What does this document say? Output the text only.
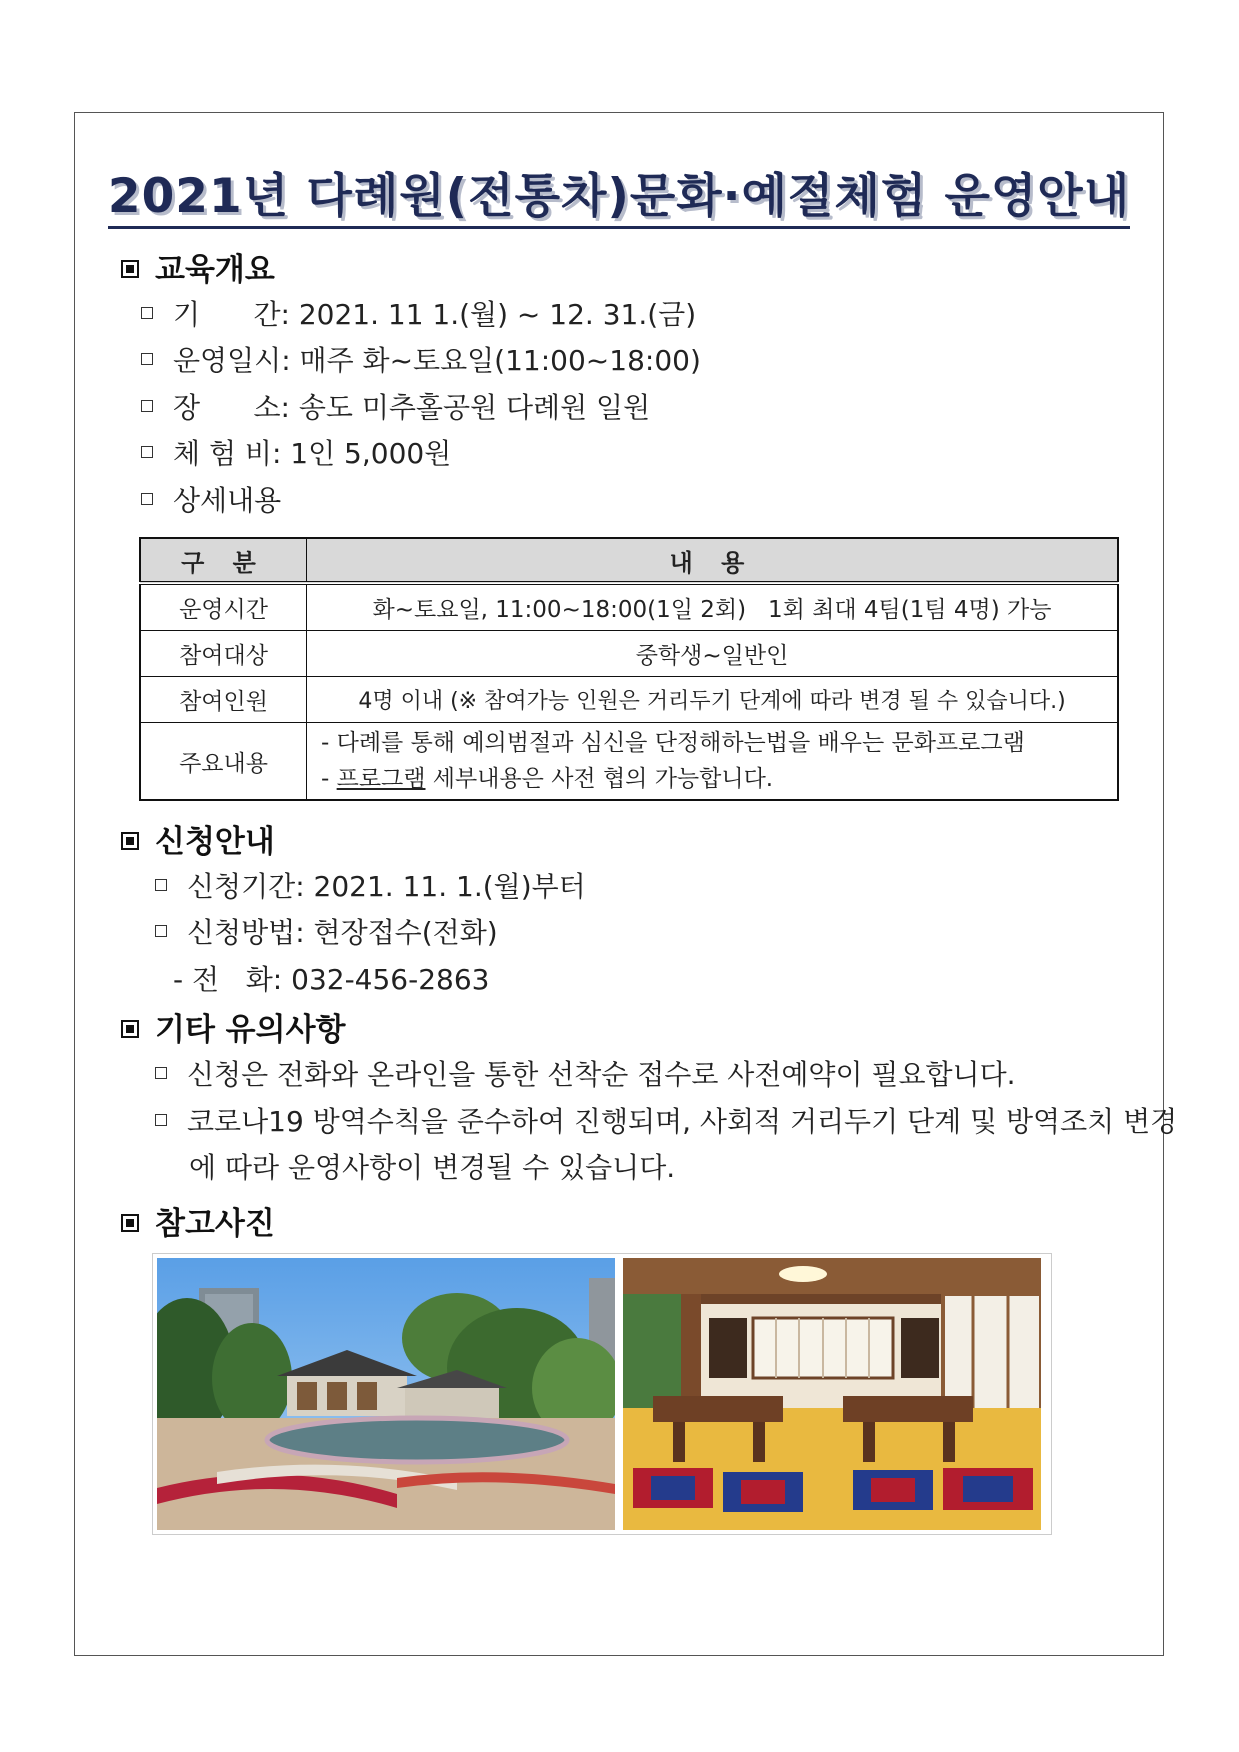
2021년 다례원(전통차)문화·예절체험 운영안내
교육개요
기      간: 2021. 11 1.(월) ~ 12. 31.(금)
운영일시: 매주 화~토요일(11:00~18:00)
장      소: 송도 미추홀공원 다례원 일원
체 험 비: 1인 5,000원
상세내용
구 분	내 용
운영시간	화~토요일, 11:00~18:00(1일 2회)   1회 최대 4팀(1팀 4명) 가능
참여대상	중학생~일반인
참여인원	4명 이내 (※ 참여가능 인원은 거리두기 단계에 따라 변경 될 수 있습니다.)
주요내용	- 다례를 통해 예의범절과 심신을 단정해하는법을 배우는 문화프로그램
- 프로그램 세부내용은 사전 협의 가능합니다.
신청안내
신청기간: 2021. 11. 1.(월)부터
신청방법: 현장접수(전화)
- 전   화: 032-456-2863
기타 유의사항
신청은 전화와 온라인을 통한 선착순 접수로 사전예약이 필요합니다.
코로나19 방역수칙을 준수하여 진행되며, 사회적 거리두기 단계 및 방역조치 변경에 따라 운영사항이 변경될 수 있습니다.
참고사진
